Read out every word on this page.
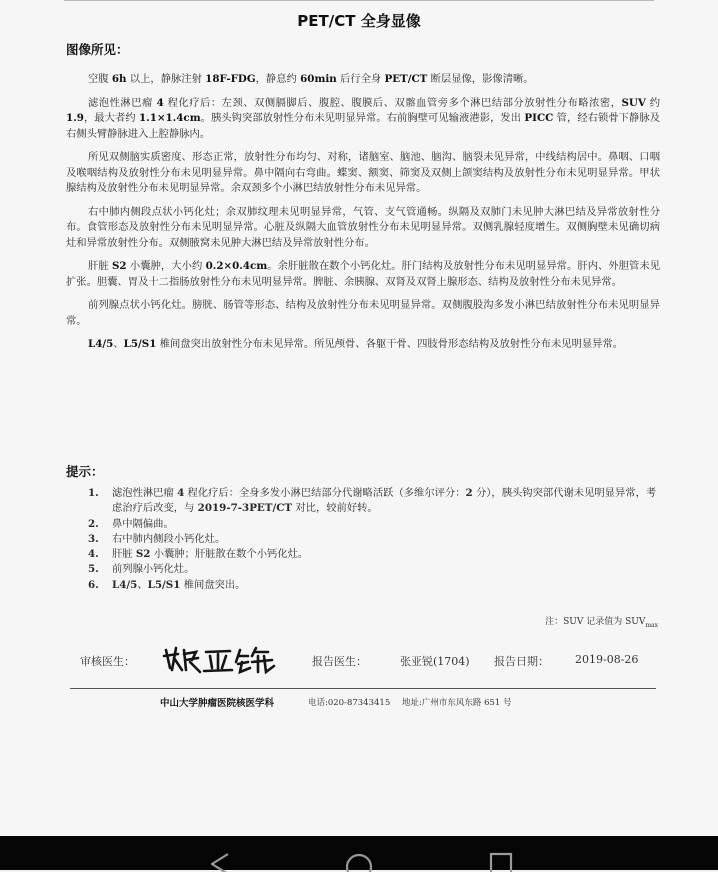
PET/CT 全身显像
图像所见：

空腹 6h 以上，静脉注射 18F-FDG，静息约 60min 后行全身 PET/CT 断层显像，影像清晰。

滤泡性淋巴瘤 4 程化疗后：左颈、双侧膈脚后、腹腔、腹膜后、双髂血管旁多个淋巴结部分放射性分布略浓密，SUV 约 1.9，最大者约 1.1×1.4cm。胰头钩突部放射性分布未见明显异常。右前胸壁可见输液港影，发出 PICC 管，经右锁骨下静脉及右侧头臂静脉进入上腔静脉内。

所见双侧脑实质密度、形态正常，放射性分布均匀、对称，诸脑室、脑池、脑沟、脑裂未见异常，中线结构居中。鼻咽、口咽及喉咽结构及放射性分布未见明显异常。鼻中隔向右弯曲。蝶窦、额窦、筛窦及双侧上颌窦结构及放射性分布未见明显异常。甲状腺结构及放射性分布未见明显异常。余双颈多个小淋巴结放射性分布未见异常。

右中肺内侧段点状小钙化灶；余双肺纹理未见明显异常，气管、支气管通畅。纵隔及双肺门未见肿大淋巴结及异常放射性分布。食管形态及放射性分布未见明显异常。心脏及纵隔大血管放射性分布未见明显异常。双侧乳腺轻度增生。双侧胸壁未见确切病灶和异常放射性分布。双侧腋窝未见肿大淋巴结及异常放射性分布。

肝脏 S2 小囊肿，大小约 0.2×0.4cm。余肝脏散在数个小钙化灶。肝门结构及放射性分布未见明显异常。肝内、外胆管未见扩张。胆囊、胃及十二指肠放射性分布未见明显异常。脾脏、余胰腺、双肾及双肾上腺形态、结构及放射性分布未见异常。

前列腺点状小钙化灶。膀胱、肠管等形态、结构及放射性分布未见明显异常。双侧腹股沟多发小淋巴结放射性分布未见明显异常。

L4/5、L5/S1 椎间盘突出放射性分布未见异常。所见颅骨、各躯干骨、四肢骨形态结构及放射性分布未见明显异常。

提示：
1.	滤泡性淋巴瘤 4 程化疗后：全身多发小淋巴结部分代谢略活跃（多维尔评分：2 分），胰头钩突部代谢未见明显异常，考虑治疗后改变，与 2019-7-3PET/CT 对比，较前好转。
2.	鼻中隔偏曲。
3.	右中肺内侧段小钙化灶。
4.	肝脏 S2 小囊肿；肝脏散在数个小钙化灶。
5.	前列腺小钙化灶。
6.	L4/5、L5/S1 椎间盘突出。
注：SUV 记录值为 $SUV_{max}$
审核医生：	报告医生：	张亚锐(1704) 报告日期： 2019-08-26
中山大学肿瘤医院核医学科	电话:020-87343415 地址:广州市东风东路 651 号
